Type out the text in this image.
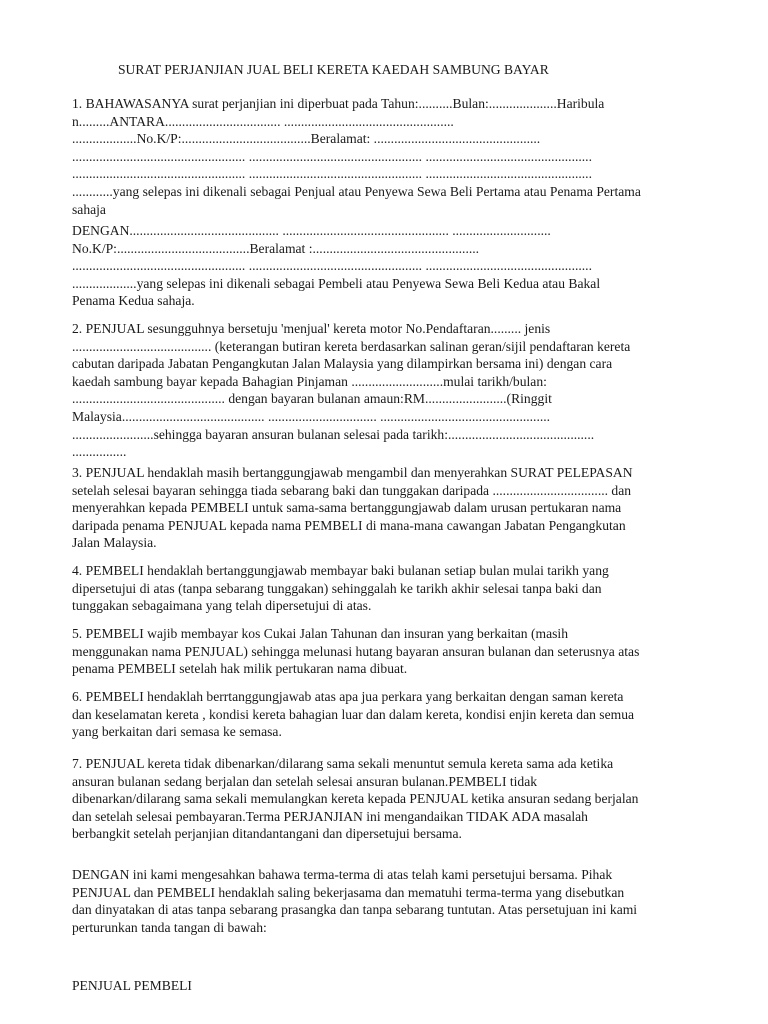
SURAT PERJANJIAN JUAL BELI KERETA KAEDAH SAMBUNG BAYAR
1. BAHAWASANYA surat perjanjian ini diperbuat pada Tahun:..........Bulan:....................Haribula
n.........ANTARA.................................. ..................................................
...................No.K/P:......................................Beralamat: .................................................
................................................... ................................................... .................................................
................................................... ................................................... .................................................
............yang selepas ini dikenali sebagai Penjual atau Penyewa Sewa Beli Pertama atau Penama Pertama
sahaja
DENGAN............................................ ................................................. .............................
No.K/P:.......................................Beralamat :.................................................
................................................... ................................................... .................................................
...................yang selepas ini dikenali sebagai Pembeli atau Penyewa Sewa Beli Kedua atau Bakal
Penama Kedua sahaja.
2. PENJUAL sesungguhnya bersetuju 'menjual' kereta motor No.Pendaftaran......... jenis
......................................... (keterangan butiran kereta berdasarkan salinan geran/sijil pendaftaran kereta
cabutan daripada Jabatan Pengangkutan Jalan Malaysia yang dilampirkan bersama ini) dengan cara
kaedah sambung bayar kepada Bahagian Pinjaman ...........................mulai tarikh/bulan:
............................................. dengan bayaran bulanan amaun:RM........................(Ringgit
Malaysia.......................................... ................................ ..................................................
........................sehingga bayaran ansuran bulanan selesai pada tarikh:...........................................
................
3. PENJUAL hendaklah masih bertanggungjawab mengambil dan menyerahkan SURAT PELEPASAN
setelah selesai bayaran sehingga tiada sebarang baki dan tunggakan daripada .................................. dan
menyerahkan kepada PEMBELI untuk sama-sama bertanggungjawab dalam urusan pertukaran nama
daripada penama PENJUAL kepada nama PEMBELI di mana-mana cawangan Jabatan Pengangkutan
Jalan Malaysia.
4. PEMBELI hendaklah bertanggungjawab membayar baki bulanan setiap bulan mulai tarikh yang
dipersetujui di atas (tanpa sebarang tunggakan) sehinggalah ke tarikh akhir selesai tanpa baki dan
tunggakan sebagaimana yang telah dipersetujui di atas.
5. PEMBELI wajib membayar kos Cukai Jalan Tahunan dan insuran yang berkaitan (masih
menggunakan nama PENJUAL) sehingga melunasi hutang bayaran ansuran bulanan dan seterusnya atas
penama PEMBELI setelah hak milik pertukaran nama dibuat.
6. PEMBELI hendaklah berrtanggungjawab atas apa jua perkara yang berkaitan dengan saman kereta
dan keselamatan kereta , kondisi kereta bahagian luar dan dalam kereta, kondisi enjin kereta dan semua
yang berkaitan dari semasa ke semasa.
7. PENJUAL kereta tidak dibenarkan/dilarang sama sekali menuntut semula kereta sama ada ketika
ansuran bulanan sedang berjalan dan setelah selesai ansuran bulanan.PEMBELI tidak
dibenarkan/dilarang sama sekali memulangkan kereta kepada PENJUAL ketika ansuran sedang berjalan
dan setelah selesai pembayaran.Terma PERJANJIAN ini mengandaikan TIDAK ADA masalah
berbangkit setelah perjanjian ditandantangani dan dipersetujui bersama.
DENGAN ini kami mengesahkan bahawa terma-terma di atas telah kami persetujui bersama. Pihak
PENJUAL dan PEMBELI hendaklah saling bekerjasama dan mematuhi terma-terma yang disebutkan
dan dinyatakan di atas tanpa sebarang prasangka dan tanpa sebarang tuntutan. Atas persetujuan ini kami
perturunkan tanda tangan di bawah:
PENJUAL PEMBELI
